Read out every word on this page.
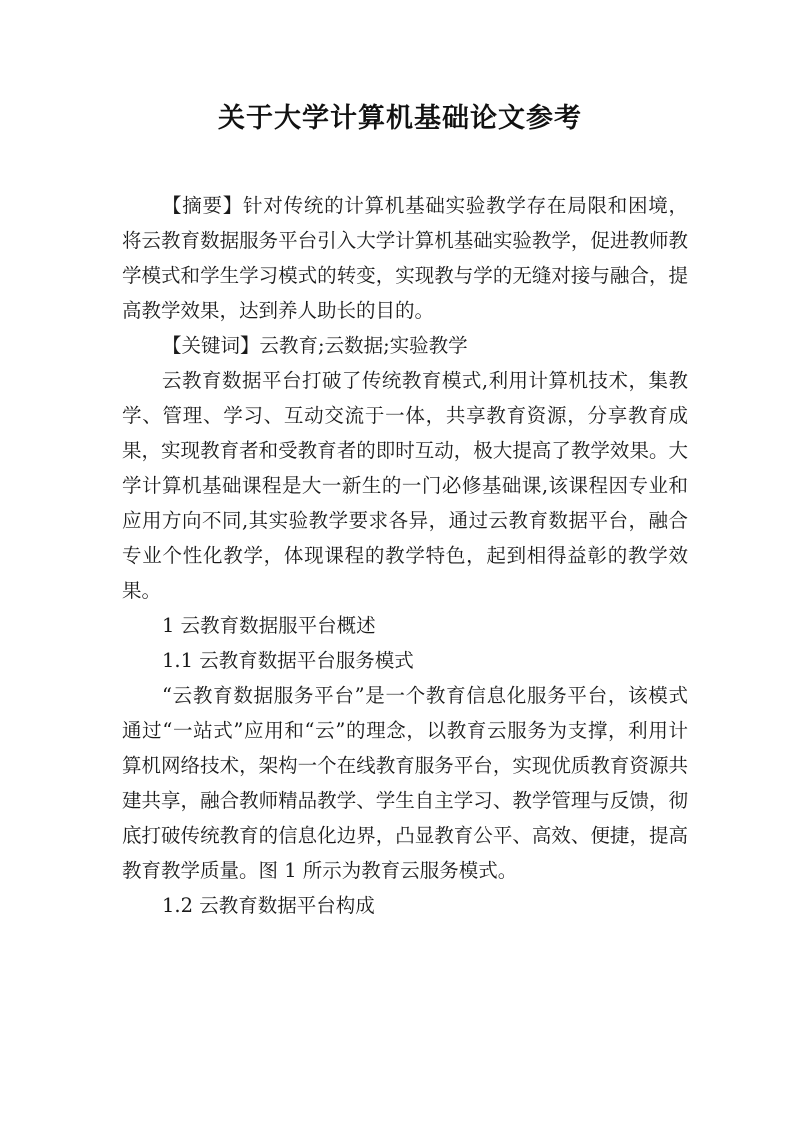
关于大学计算机基础论文参考

【摘要】针对传统的计算机基础实验教学存在局限和困境，将云教育数据服务平台引入大学计算机基础实验教学，促进教师教学模式和学生学习模式的转变，实现教与学的无缝对接与融合，提高教学效果，达到养人助长的目的。

【关键词】云教育;云数据;实验教学

云教育数据平台打破了传统教育模式,利用计算机技术，集教学、管理、学习、互动交流于一体，共享教育资源，分享教育成果，实现教育者和受教育者的即时互动，极大提高了教学效果。大学计算机基础课程是大一新生的一门必修基础课,该课程因专业和应用方向不同,其实验教学要求各异，通过云教育数据平台，融合专业个性化教学，体现课程的教学特色，起到相得益彰的教学效果。

1 云教育数据服平台概述

1.1 云教育数据平台服务模式

“云教育数据服务平台”是一个教育信息化服务平台，该模式通过“一站式”应用和“云”的理念，以教育云服务为支撑，利用计算机网络技术，架构一个在线教育服务平台，实现优质教育资源共建共享，融合教师精品教学、学生自主学习、教学管理与反馈，彻底打破传统教育的信息化边界，凸显教育公平、高效、便捷，提高教育教学质量。图 1 所示为教育云服务模式。

1.2 云教育数据平台构成
